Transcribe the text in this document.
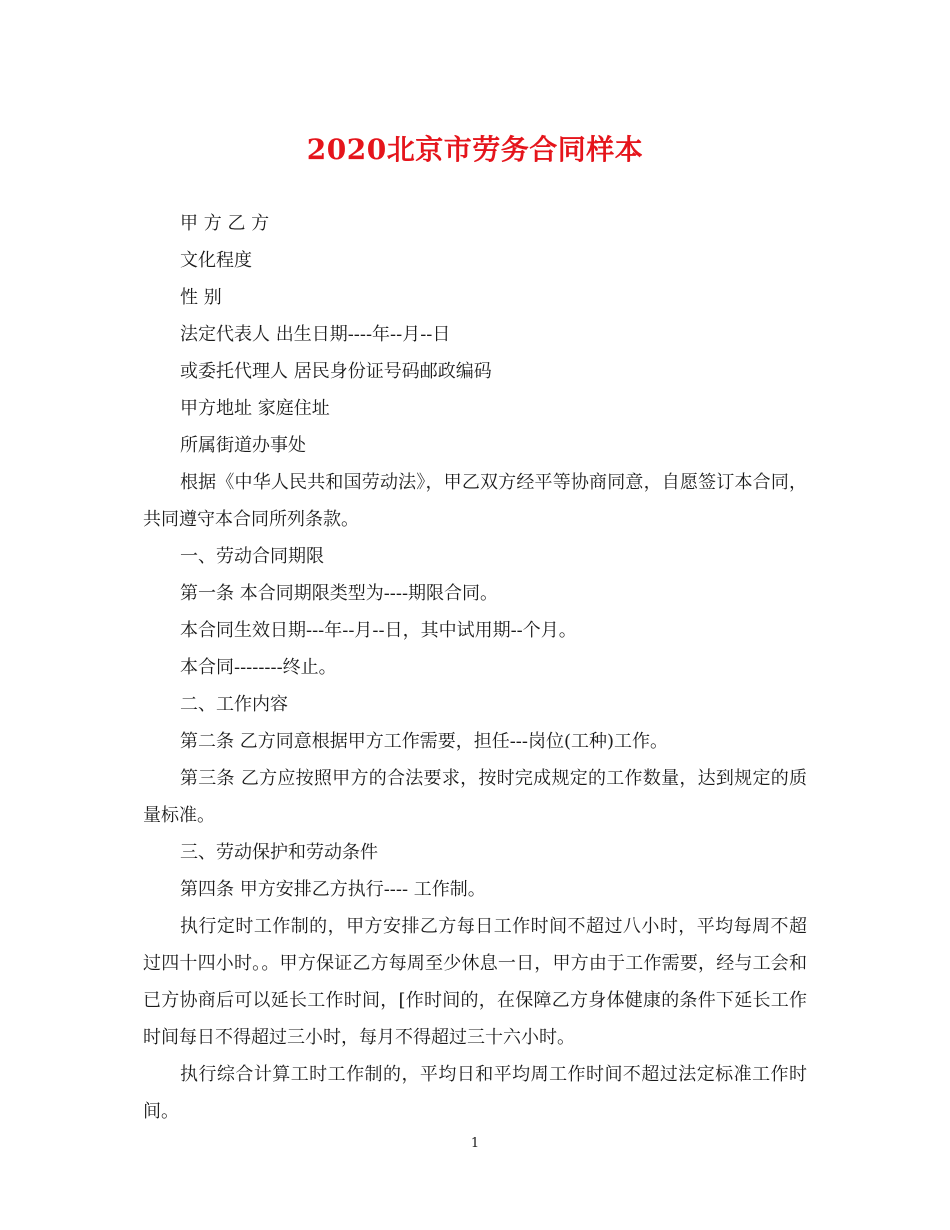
2020北京市劳务合同样本

甲 方 乙 方

文化程度

性 别

法定代表人 出生日期----年--月--日

或委托代理人 居民身份证号码邮政编码

甲方地址 家庭住址

所属街道办事处

根据《中华人民共和国劳动法》，甲乙双方经平等协商同意，自愿签订本合同，共同遵守本合同所列条款。

一、劳动合同期限

第一条 本合同期限类型为----期限合同。

本合同生效日期---年--月--日，其中试用期--个月。

本合同--------终止。

二、工作内容

第二条 乙方同意根据甲方工作需要，担任---岗位(工种)工作。

第三条 乙方应按照甲方的合法要求，按时完成规定的工作数量，达到规定的质量标准。

三、劳动保护和劳动条件

第四条 甲方安排乙方执行---- 工作制。

执行定时工作制的，甲方安排乙方每日工作时间不超过八小时，平均每周不超过四十四小时。。甲方保证乙方每周至少休息一日，甲方由于工作需要，经与工会和已方协商后可以延长工作时间，[作时间的，在保障乙方身体健康的条件下延长工作时间每日不得超过三小时，每月不得超过三十六小时。

执行综合计算工时工作制的，平均日和平均周工作时间不超过法定标准工作时间。

1
